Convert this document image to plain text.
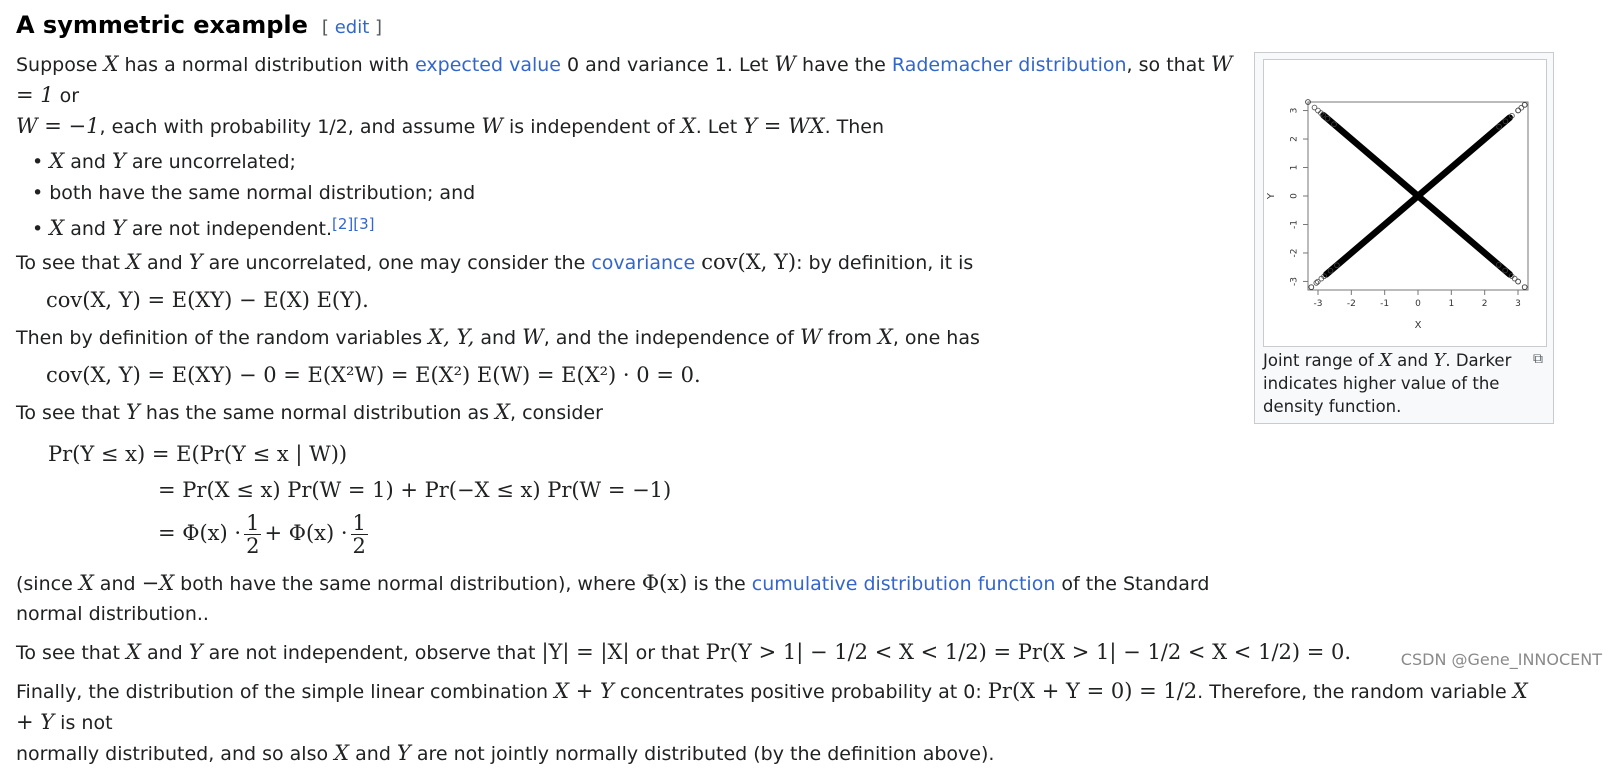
A symmetric example [ edit ]

Suppose X has a normal distribution with expected value 0 and variance 1. Let W have the Rademacher distribution, so that W = 1 or
W = −1, each with probability 1/2, and assume W is independent of X. Let Y = WX. Then

• X and Y are uncorrelated;
• both have the same normal distribution; and
• X and Y are not independent.[2][3]

To see that X and Y are uncorrelated, one may consider the covariance cov(X, Y): by definition, it is

cov(X, Y) = E(XY) − E(X) E(Y).

Then by definition of the random variables X, Y, and W, and the independence of W from X, one has

cov(X, Y) = E(XY) − 0 = E(X²W) = E(X²) E(W) = E(X²) · 0 = 0.

To see that Y has the same normal distribution as X, consider

Pr(Y ≤ x) = E(Pr(Y ≤ x | W))
= Pr(X ≤ x) Pr(W = 1) + Pr(−X ≤ x) Pr(W = −1)
= $\Phi(x) \cdot \frac{1}{2} + \Phi(x) \cdot \frac{1}{2}$

(since X and −X both have the same normal distribution), where Φ(x) is the cumulative distribution function of the Standard normal distribution..

To see that X and Y are not independent, observe that |Y| = |X| or that Pr(Y > 1| − 1/2 < X < 1/2) = Pr(X > 1| − 1/2 < X < 1/2) = 0.

Finally, the distribution of the simple linear combination X + Y concentrates positive probability at 0: Pr(X + Y = 0) = 1/2. Therefore, the random variable X + Y is not
normally distributed, and so also X and Y are not jointly normally distributed (by the definition above).

-3	-2	-1	0	1	2	3
-3
-2
-1
0
1
2
3
X
Y
⧉
Joint range of X and Y. Darker indicates higher value of the density function.
CSDN @Gene_INNOCENT
